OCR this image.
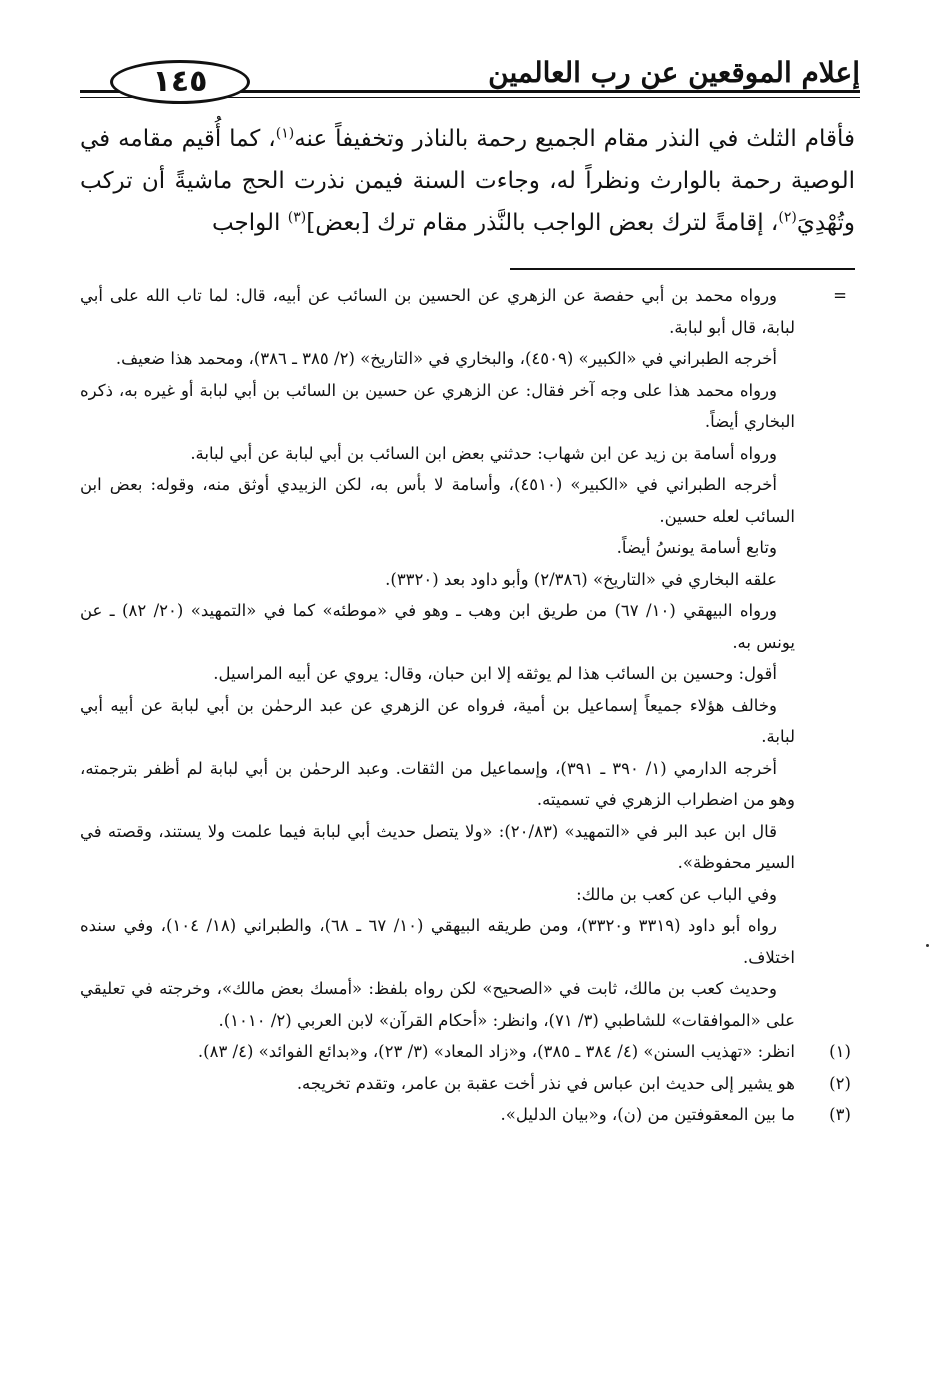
إعلام الموقعين عن رب العالمين
١٤٥

فأقام الثلث في النذر مقام الجميع رحمة بالناذر وتخفيفاً عنه$^{(١)}$، كما أُقيم مقامه في الوصية رحمة بالوارث ونظراً له، وجاءت السنة فيمن نذرت الحج ماشيةً أن تركب وتُهْدِيَ$^{(٢)}$، إقامةً لترك بعض الواجب بالنَّذر مقام ترك [بعض]$^{(٣)}$ الواجب

=

ورواه محمد بن أبي حفصة عن الزهري عن الحسين بن السائب عن أبيه، قال: لما تاب الله على أبي لبابة، قال أبو لبابة.

أخرجه الطبراني في «الكبير» (٤٥٠٩)، والبخاري في «التاريخ» (٢/ ٣٨٥ ـ ٣٨٦)، ومحمد هذا ضعيف.

ورواه محمد هذا على وجه آخر فقال: عن الزهري عن حسين بن السائب بن أبي لبابة أو غيره به، ذكره البخاري أيضاً.

ورواه أسامة بن زيد عن ابن شهاب: حدثني بعض ابن السائب بن أبي لبابة عن أبي لبابة.

أخرجه الطبراني في «الكبير» (٤٥١٠)، وأسامة لا بأس به، لكن الزبيدي أوثق منه، وقوله: بعض ابن السائب لعله حسين.

وتابع أسامة يونسُ أيضاً.

علقه البخاري في «التاريخ» (٢/٣٨٦) وأبو داود بعد (٣٣٢٠).

ورواه البيهقي (١٠/ ٦٧) من طريق ابن وهب ـ وهو في «موطئه» كما في «التمهيد» (٢٠/ ٨٢) ـ عن يونس به.

أقول: وحسين بن السائب هذا لم يوثقه إلا ابن حبان، وقال: يروي عن أبيه المراسيل.

وخالف هؤلاء جميعاً إسماعيل بن أمية، فرواه عن الزهري عن عبد الرحمٰن بن أبي لبابة عن أبيه أبي لبابة.

أخرجه الدارمي (١/ ٣٩٠ ـ ٣٩١)، وإسماعيل من الثقات. وعبد الرحمٰن بن أبي لبابة لم أظفر بترجمته، وهو من اضطراب الزهري في تسميته.

قال ابن عبد البر في «التمهيد» (٢٠/٨٣): «ولا يتصل حديث أبي لبابة فيما علمت ولا يستند، وقصته في السير محفوظة».

وفي الباب عن كعب بن مالك:

رواه أبو داود (٣٣١٩ و٣٣٢٠)، ومن طريقه البيهقي (١٠/ ٦٧ ـ ٦٨)، والطبراني (١٨/ ١٠٤)، وفي سنده اختلاف.

وحديث كعب بن مالك، ثابت في «الصحيح» لكن رواه بلفظ: «أمسك بعض مالك»، وخرجته في تعليقي على «الموافقات» للشاطبي (٣/ ٧١)، وانظر: «أحكام القرآن» لابن العربي (٢/ ١٠١٠).

(١)

انظر: «تهذيب السنن» (٤/ ٣٨٤ ـ ٣٨٥)، و«زاد المعاد» (٣/ ٢٣)، و«بدائع الفوائد» (٤/ ٨٣).

(٢)

هو يشير إلى حديث ابن عباس في نذر أخت عقبة بن عامر، وتقدم تخريجه.

(٣)

ما بين المعقوفتين من (ن)، و«بيان الدليل».
